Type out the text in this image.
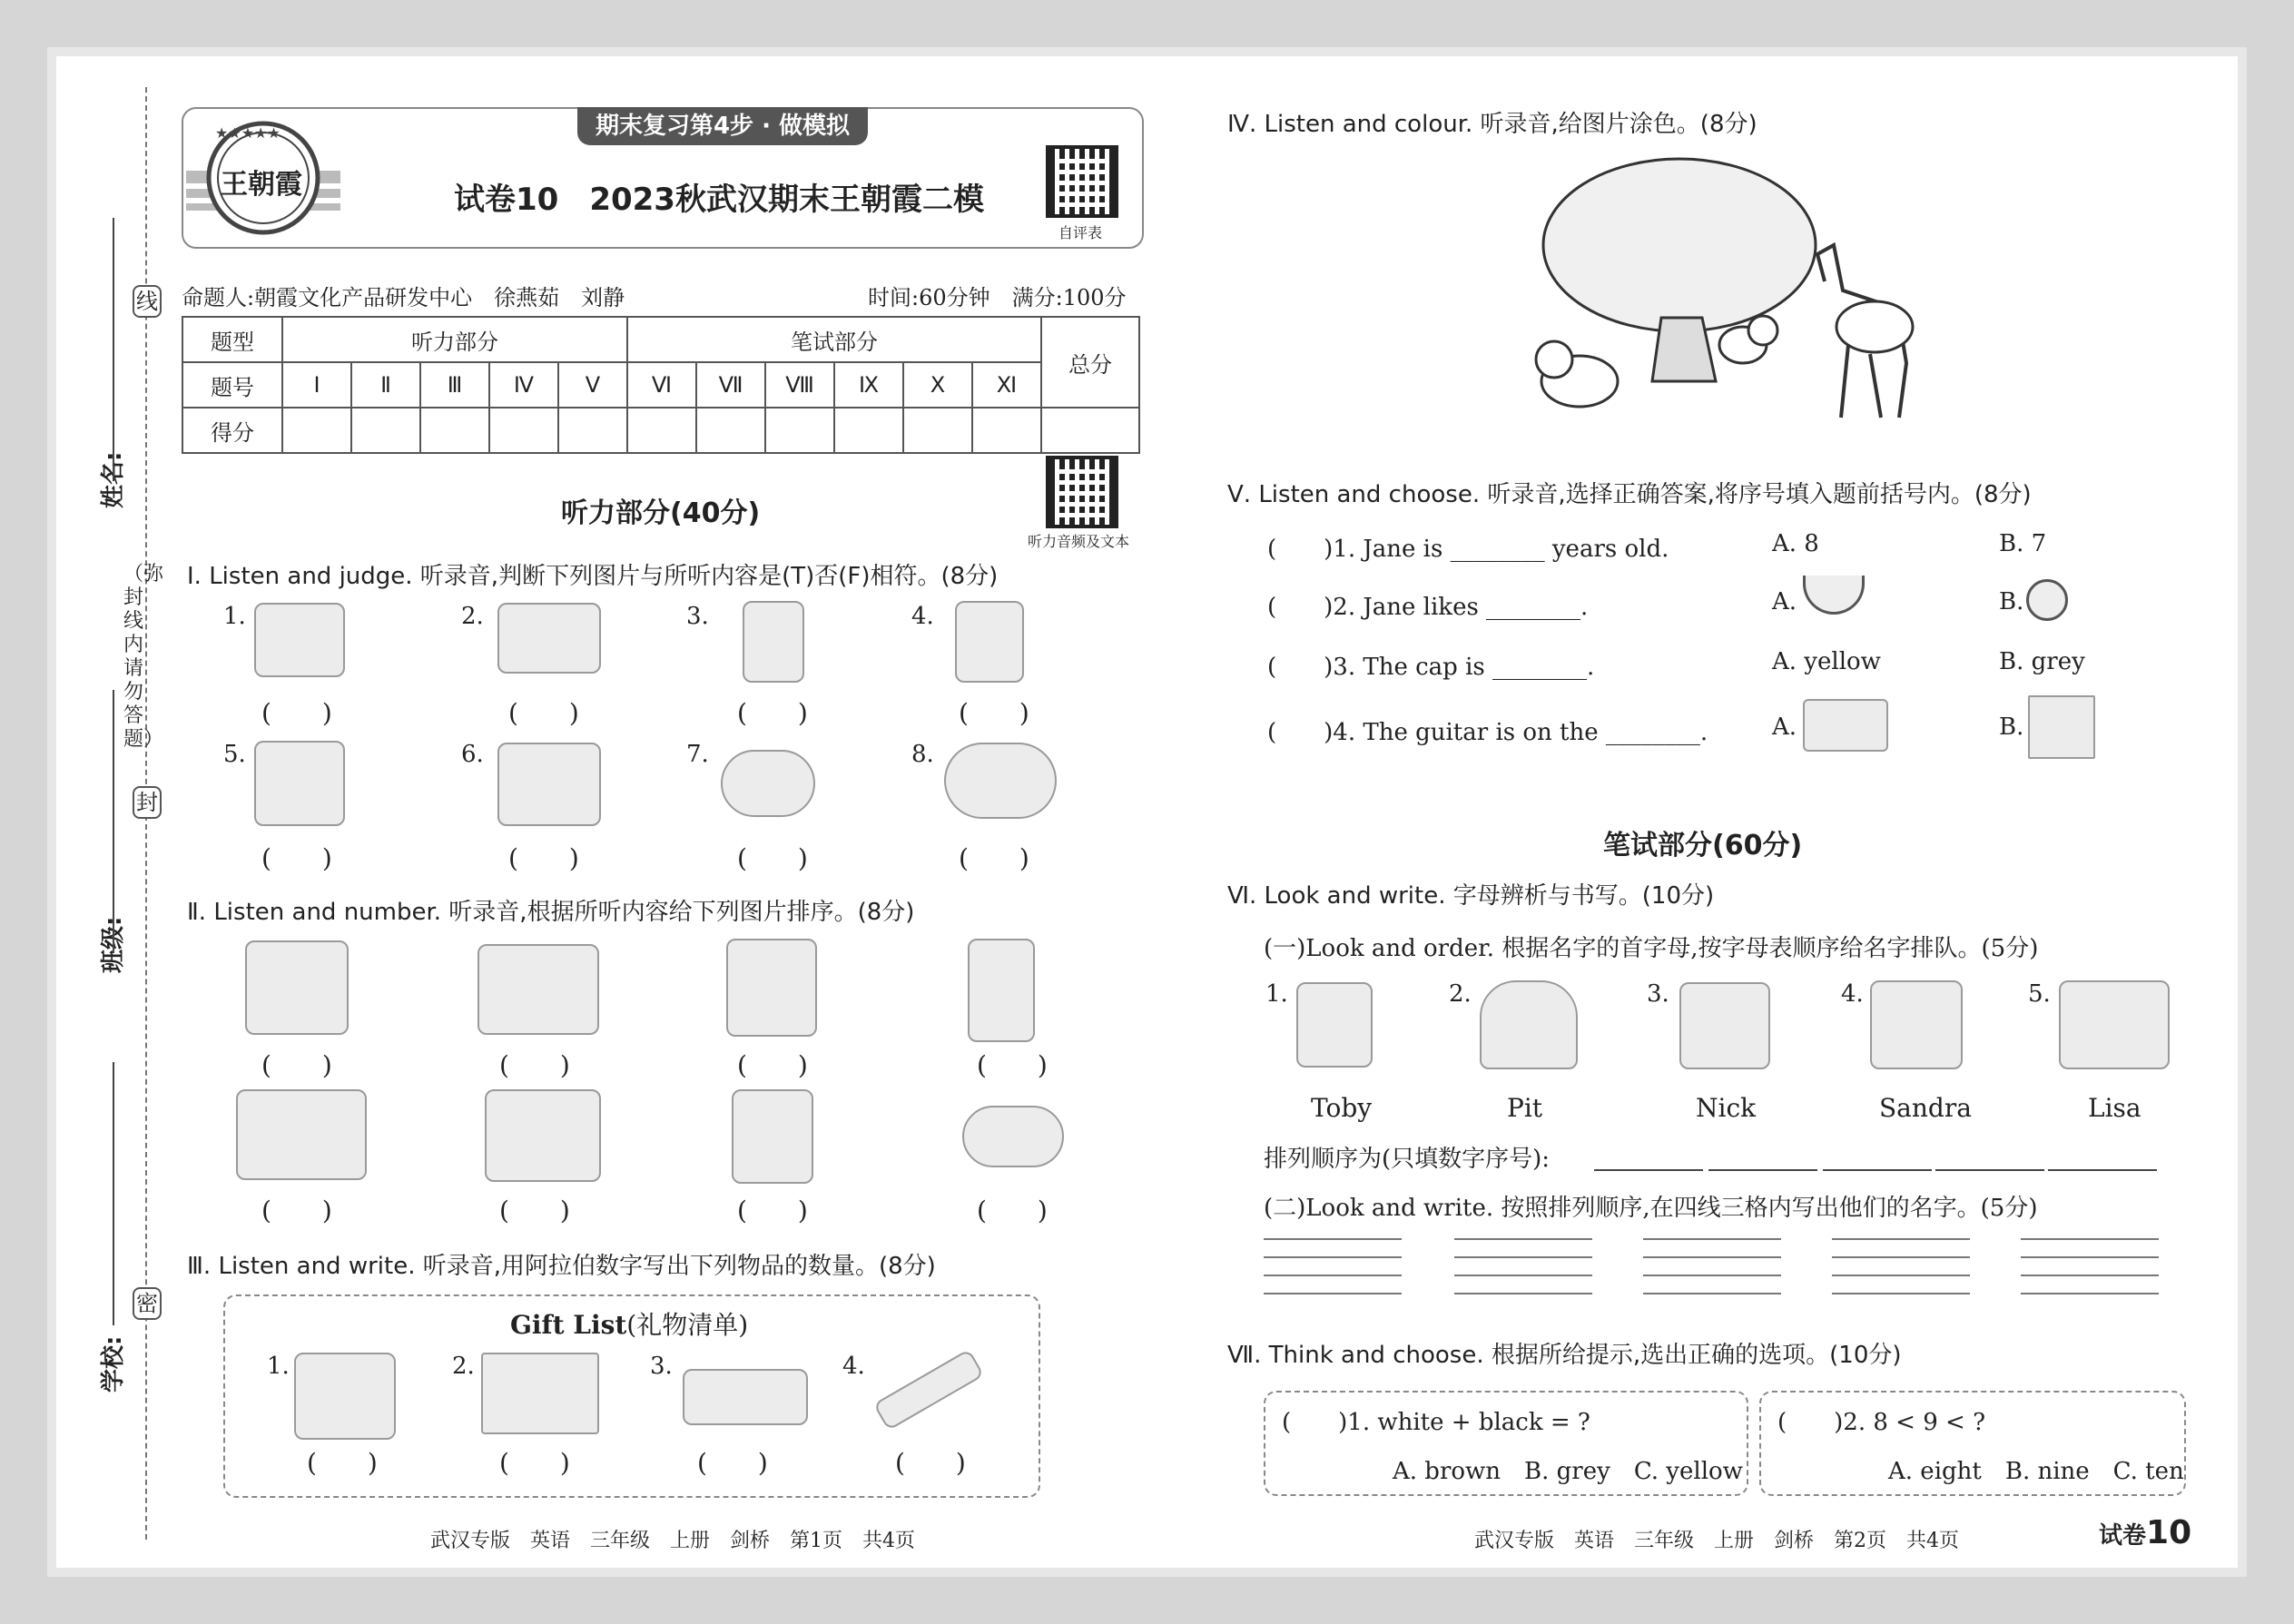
线
封
密
（弥封线内请勿答题）
姓名:
班级:
学校:
期末复习第4步 · 做模拟
★★★★★
王朝霞	试卷10　2023秋武汉期末王朝霞二模
自评表
命题人:朝霞文化产品研发中心　徐燕茹　刘静	时间:60分钟　满分:100分
题型	听力部分					笔试部分						总分
题号	Ⅰ	Ⅱ	Ⅲ	Ⅳ	Ⅴ	Ⅵ	Ⅶ	Ⅷ	Ⅸ	Ⅹ	Ⅺ	
得分												
听力部分(40分)
听力音频及文本
Ⅰ. Listen and judge. 听录音,判断下列图片与所听内容是(T)否(F)相符。(8分)
1.
(　　)
2.
(　　)
3.
(　　)
4.
(　　)
5.
(　　)
6.
(　　)
7.
(　　)
8.
(　　)
Ⅱ. Listen and number. 听录音,根据所听内容给下列图片排序。(8分)
(　　)	(　　)	(　　)	(　　)
(　　)	(　　)	(　　)	(　　)
Ⅲ. Listen and write. 听录音,用阿拉伯数字写出下列物品的数量。(8分)
Gift List(礼物清单)
1.
(　　)
2.
(　　)
3.
(　　)
4.
(　　)
武汉专版　英语　三年级　上册　剑桥　第1页　共4页
Ⅳ. Listen and colour. 听录音,给图片涂色。(8分)
Ⅴ. Listen and choose. 听录音,选择正确答案,将序号填入题前括号内。(8分)
(　　)1. Jane is ________ years old.	A. 8	B. 7
(　　)2. Jane likes ________.	A.	B.
(　　)3. The cap is ________.	A. yellow	B. grey
(　　)4. The guitar is on the ________.	A.	B.
笔试部分(60分)
Ⅵ. Look and write. 字母辨析与书写。(10分)
(一)Look and order. 根据名字的首字母,按字母表顺序给名字排队。(5分)
1.
Toby
2.
Pit
3.
Nick
4.
Sandra
5.
Lisa
排列顺序为(只填数字序号):
(二)Look and write. 按照排列顺序,在四线三格内写出他们的名字。(5分)
Ⅶ. Think and choose. 根据所给提示,选出正确的选项。(10分)
(　　)1. white + black = ?
A. brown　B. grey　C. yellow
(　　)2. 8 < 9 < ?
A. eight　B. nine　C. ten
武汉专版　英语　三年级　上册　剑桥　第2页　共4页	试卷10
